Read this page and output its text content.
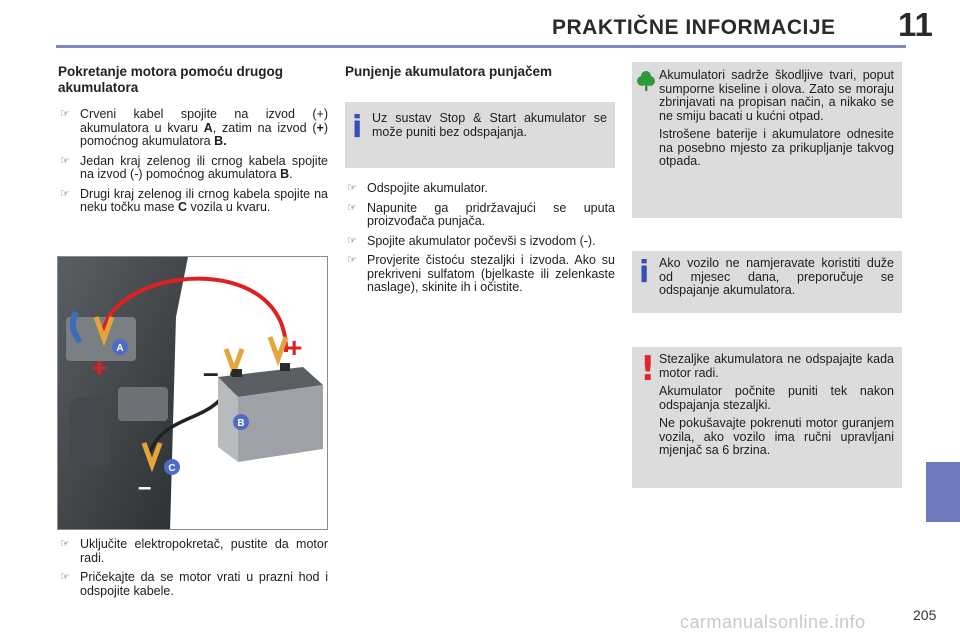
PRAKTIČNE INFORMACIJE 11
Pokretanje motora pomoću drugog akumulatora
☞ Crveni kabel spojite na izvod (+) akumulatora u kvaru A, zatim na izvod (+) pomoćnog akumulatora B.
☞ Jedan kraj zelenog ili crnog kabela spojite na izvod (-) pomoćnog akumulatora B.
☞ Drugi kraj zelenog ili crnog kabela spojite na neku točku mase C vozila u kvaru.
A
B
C
+
+
–
–
☞ Uključite elektropokretač, pustite da motor radi.
☞ Pričekajte da se motor vrati u prazni hod i odspojite kabele.
Punjenje akumulatora punjačem
i Uz sustav Stop & Start akumulator se može puniti bez odspajanja.

☞ Odspojite akumulator.
☞ Napunite ga pridržavajući se uputa proizvođača punjača.
☞ Spojite akumulator počevši s izvodom (-).
☞ Provjerite čistoću stezaljki i izvoda. Ako su prekriveni sulfatom (bjelkaste ili zelenkaste naslage), skinite ih i očistite.

Akumulatori sadrže škodljive tvari, poput sumporne kiseline i olova. Zato se moraju zbrinjavati na propisan način, a nikako se ne smiju bacati u kućni otpad.

Istrošene baterije i akumulatore odnesite na posebno mjesto za prikupljanje takvog otpada.

i Ako vozilo ne namjeravate koristiti duže od mjesec dana, preporučuje se odspajanje akumulatora.

! Stezaljke akumulatora ne odspajajte kada motor radi.

Akumulator počnite puniti tek nakon odspajanja stezaljki.

Ne pokušavajte pokrenuti motor guranjem vozila, ako vozilo ima ručni upravljani mjenjač sa 6 brzina.

205
carmanualsonline.info
